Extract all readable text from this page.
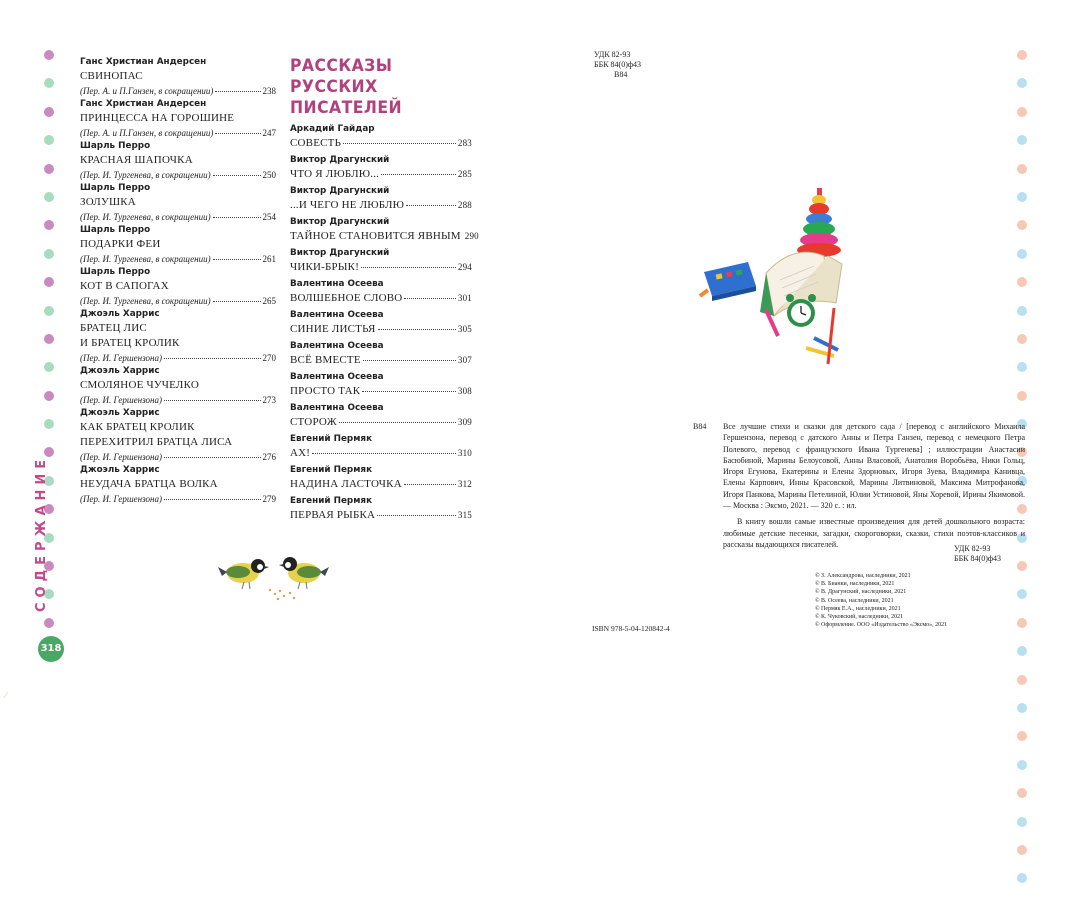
СОДЕРЖАНИЕ
318
Ганс Христиан Андерсен
СВИНОПАС
(Пер. А. и П.Ганзен, в сокращении)	238
Ганс Христиан Андерсен
ПРИНЦЕССА НА ГОРОШИНЕ
(Пер. А. и П.Ганзен, в сокращении)	247
Шарль Перро
КРАСНАЯ ШАПОЧКА
(Пер. И. Тургенева, в сокращении)	250
Шарль Перро
ЗОЛУШКА
(Пер. И. Тургенева, в сокращении)	254
Шарль Перро
ПОДАРКИ ФЕИ
(Пер. И. Тургенева, в сокращении)	261
Шарль Перро
КОТ В САПОГАХ
(Пер. И. Тургенева, в сокращении)	265
Джоэль Харрис
БРАТЕЦ ЛИС
И БРАТЕЦ КРОЛИК
(Пер. И. Гершензона)	270
Джоэль Харрис
СМОЛЯНОЕ ЧУЧЕЛКО
(Пер. И. Гершензона)	273
Джоэль Харрис
КАК БРАТЕЦ КРОЛИК
ПЕРЕХИТРИЛ БРАТЦА ЛИСА
(Пер. И. Гершензона)	276
Джоэль Харрис
НЕУДАЧА БРАТЦА ВОЛКА
(Пер. И. Гершензона)	279
РАССКАЗЫ
РУССКИХ ПИСАТЕЛЕЙ
Аркадий Гайдар
СОВЕСТЬ	283
Виктор Драгунский
ЧТО Я ЛЮБЛЮ...	285
Виктор Драгунский
...И ЧЕГО НЕ ЛЮБЛЮ	288
Виктор Драгунский
ТАЙНОЕ СТАНОВИТСЯ ЯВНЫМ 290
Виктор Драгунский
ЧИКИ-БРЫК!	294
Валентина Осеева
ВОЛШЕБНОЕ СЛОВО	301
Валентина Осеева
СИНИЕ ЛИСТЬЯ	305
Валентина Осеева
ВСЁ ВМЕСТЕ	307
Валентина Осеева
ПРОСТО ТАК	308
Валентина Осеева
СТОРОЖ	309
Евгений Пермяк
АХ!	310
Евгений Пермяк
НАДИНА ЛАСТОЧКА	312
Евгений Пермяк
ПЕРВАЯ РЫБКА	315
УДК 82-93
ББК 84(0)ф43
В84
В84 Все лучшие стихи и сказки для детского сада / [перевод с английского Михаила Гершензона, перевод с датского Анны и Петра Ганзен, перевод с немецкого Петра Полевого, перевод с французского Ивана Тургенева] ; иллюстрации Анастасии Басюбиной, Марины Белоусовой, Анны Власовой, Анатолия Воробьёва, Ники Гольц, Игоря Егунова, Екатерины и Елены Здорновых, Игоря Зуева, Владимира Канивца, Елены Карпович, Инны Красовской, Марины Литвиновой, Максима Митрофанова, Игоря Панкова, Марины Петелиной, Юлии Устиновой, Яны Хоревой, Ирины Якимовой. — Москва : Эксмо, 2021. — 320 с. : ил.
В книгу вошли самые известные произведения для детей дошкольного возраста: любимые детские песенки, загадки, скороговорки, сказки, стихи поэтов-классиков и рассказы выдающихся писателей.	УДК 82-93
ББК 84(0)ф43
© З. Александрова, наследники, 2021
© В. Бианки, наследники, 2021
© В. Драгунский, наследники, 2021
© В. Осеева, наследники, 2021
© Пермяк Е.А., наследники, 2021
© К. Чуковский, наследники, 2021
© Оформление. ООО «Издательство «Эксмо», 2021
ISBN 978-5-04-120842-4
⁄
